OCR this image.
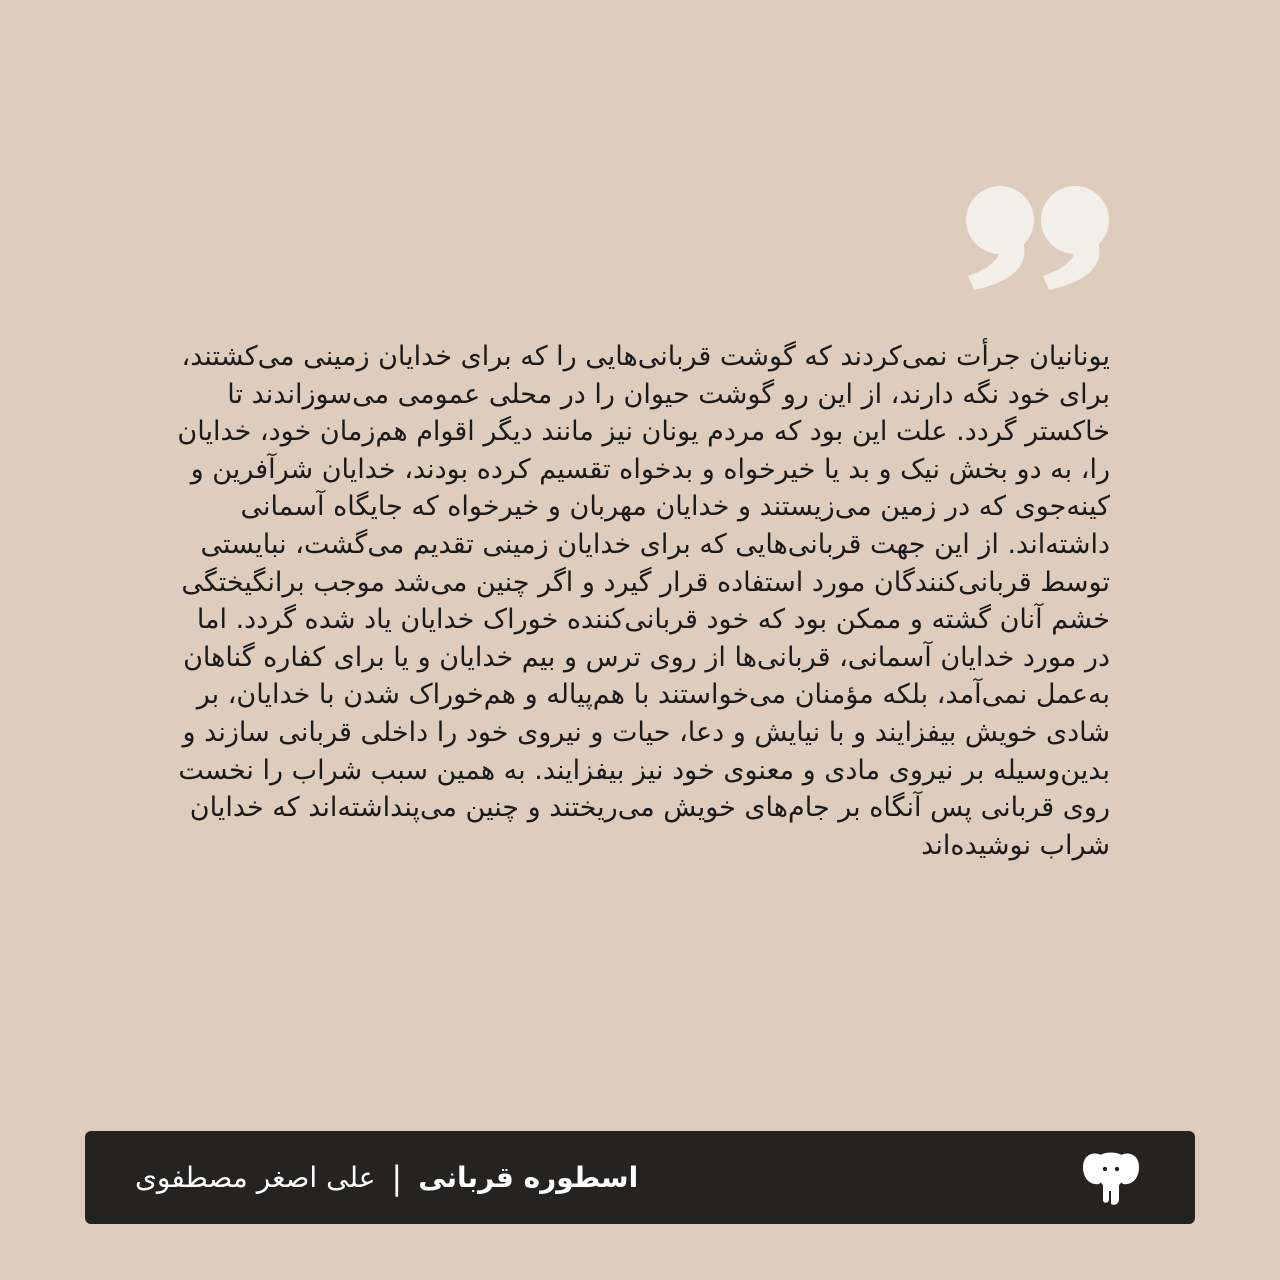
یونانیان جرأت نمی‌کردند که گوشت قربانی‌هایی را که برای خدایان زمینی می‌کشتند، برای خود نگه دارند، از این رو گوشت حیوان را در محلی عمومی می‌سوزاندند تا خاکستر گردد. علت این بود که مردم یونان نیز مانند دیگر اقوام هم‌زمان خود، خدایان را، به دو بخش نیک و بد یا خیرخواه و بدخواه تقسیم کرده بودند، خدایان شرآفرین و کینه‌جوی که در زمین می‌زیستند و خدایان مهربان و خیرخواه که جایگاه آسمانی داشته‌اند. از این جهت قربانی‌هایی که برای خدایان زمینی تقدیم می‌گشت، نبایستی توسط قربانی‌کنندگان مورد استفاده قرار گیرد و اگر چنین می‌شد موجب برانگیختگی خشم آنان گشته و ممکن بود که خود قربانی‌کننده خوراک خدایان یاد شده گردد. اما در مورد خدایان آسمانی، قربانی‌ها از روی ترس و بیم خدایان و یا برای کفاره گناهان به‌عمل نمی‌آمد، بلکه مؤمنان می‌خواستند با هم‌پیاله و هم‌خوراک شدن با خدایان، بر شادی خویش بیفزایند و با نیایش و دعا، حیات و نیروی خود را داخلی قربانی سازند و بدین‌وسیله بر نیروی مادی و معنوی خود نیز بیفزایند. به همین سبب شراب را نخست روی قربانی پس آنگاه بر جام‌های خویش می‌ریختند و چنین می‌پنداشته‌اند که خدایان شراب نوشیده‌اند

اسطوره قربانی
|
علی اصغر مصطفوی
